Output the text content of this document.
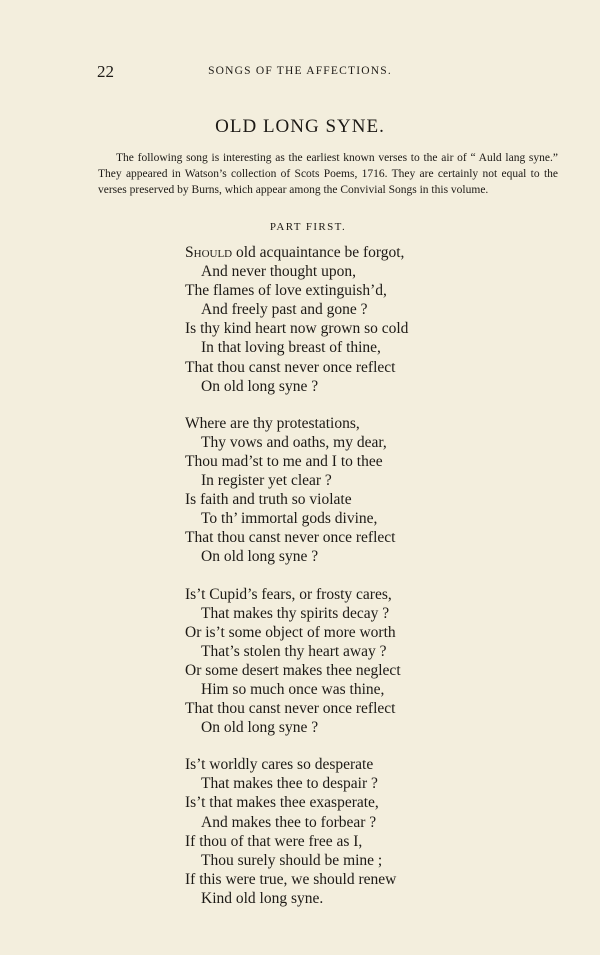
22	SONGS OF THE AFFECTIONS.
OLD LONG SYNE.

The following song is interesting as the earliest known verses to the air of “ Auld lang syne.” They appeared in Watson’s collection of Scots Poems, 1716. They are certainly not equal to the verses preserved by Burns, which appear among the Convivial Songs in this volume.

PART FIRST.
Should old acquaintance be forgot,
And never thought upon,
The flames of love extinguish’d,
And freely past and gone ?
Is thy kind heart now grown so cold
In that loving breast of thine,
That thou canst never once reflect
On old long syne ?
Where are thy protestations,
Thy vows and oaths, my dear,
Thou mad’st to me and I to thee
In register yet clear ?
Is faith and truth so violate
To th’ immortal gods divine,
That thou canst never once reflect
On old long syne ?
Is’t Cupid’s fears, or frosty cares,
That makes thy spirits decay ?
Or is’t some object of more worth
That’s stolen thy heart away ?
Or some desert makes thee neglect
Him so much once was thine,
That thou canst never once reflect
On old long syne ?
Is’t worldly cares so desperate
That makes thee to despair ?
Is’t that makes thee exasperate,
And makes thee to forbear ?
If thou of that were free as I,
Thou surely should be mine ;
If this were true, we should renew
Kind old long syne.
